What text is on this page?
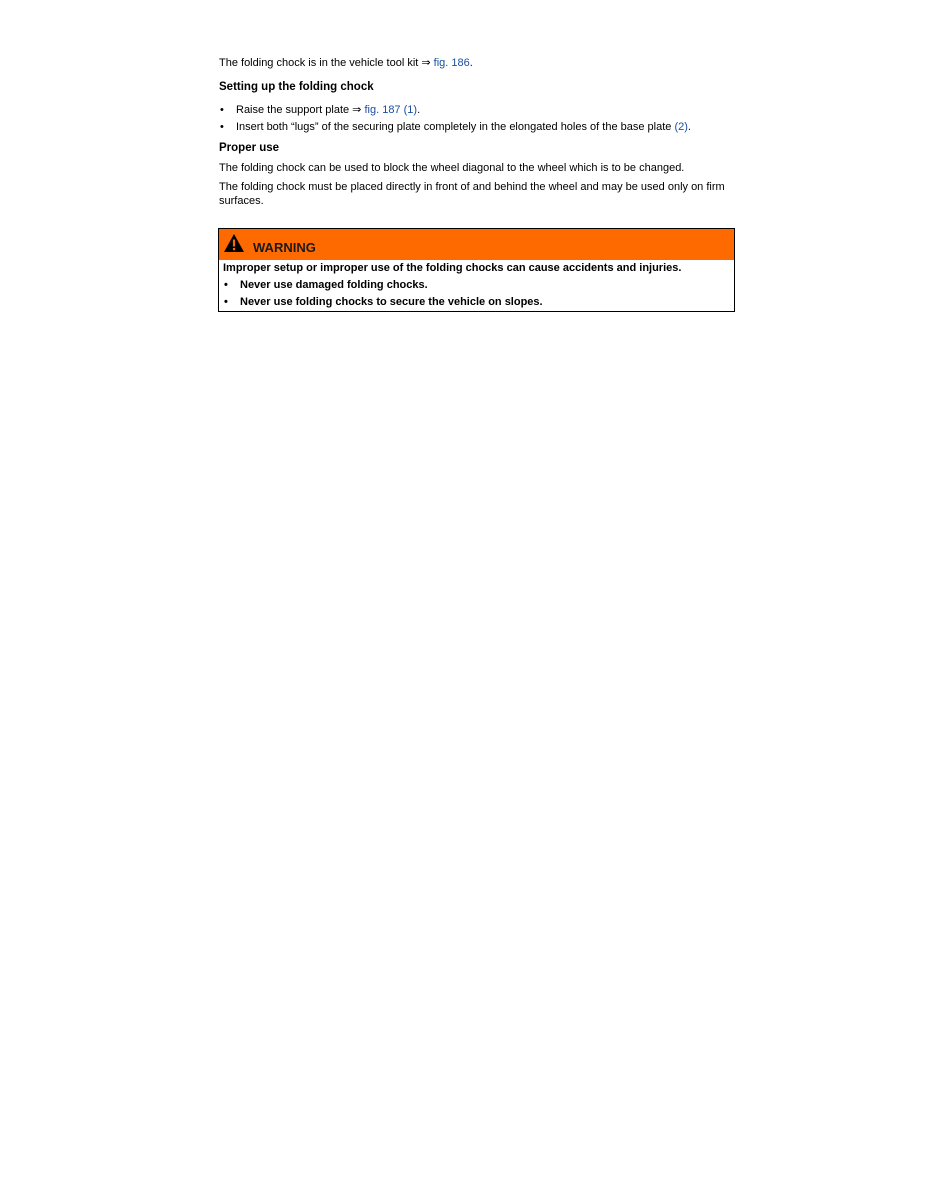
The folding chock is in the vehicle tool kit ⇒ fig. 186.

Setting up the folding chock
• Raise the support plate ⇒ fig. 187 (1).
• Insert both “lugs” of the securing plate completely in the elongated holes of the base plate (2).
Proper use

The folding chock can be used to block the wheel diagonal to the wheel which is to be changed.

The folding chock must be placed directly in front of and behind the wheel and may be used only on firm surfaces.

WARNING
Improper setup or improper use of the folding chocks can cause accidents and injuries.
• Never use damaged folding chocks.
• Never use folding chocks to secure the vehicle on slopes.
